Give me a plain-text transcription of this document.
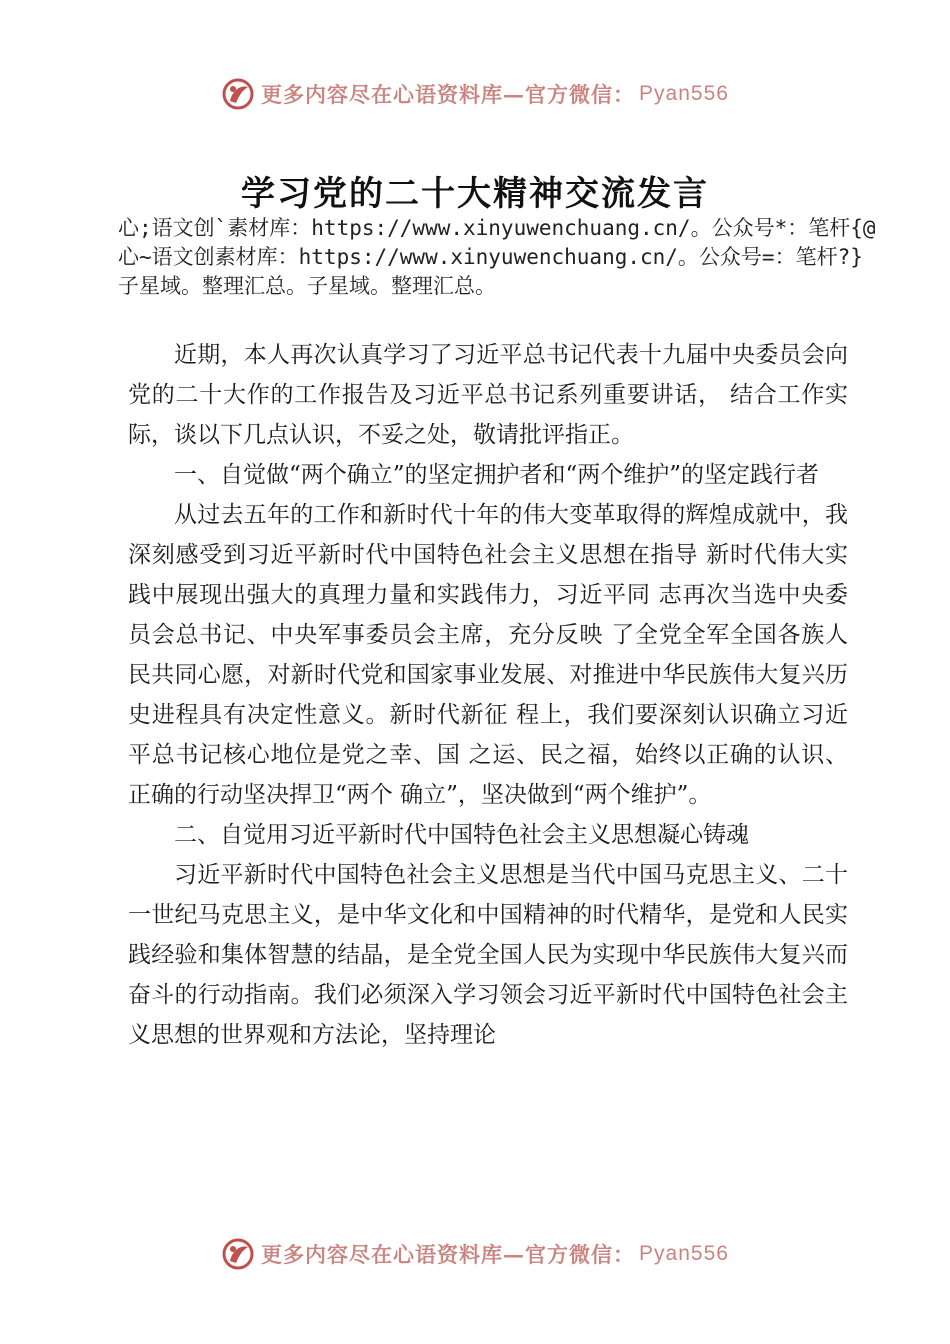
更多内容尽在心语资料库—官方微信： Pyan556
学习党的二十大精神交流发言
心;语文创`素材库：https://www.xinyuwenchuang.cn/。公众号*：笔杆{@心~语文创素材库：https://www.xinyuwenchuang.cn/。公众号=：笔杆?}子星域。整理汇总。子星域。整理汇总。

近期，本人再次认真学习了习近平总书记代表十九届中央委员会向党的二十大作的工作报告及习近平总书记系列重要讲话， 结合工作实际，谈以下几点认识，不妥之处，敬请批评指正。

一、自觉做“两个确立”的坚定拥护者和“两个维护”的坚定践行者

从过去五年的工作和新时代十年的伟大变革取得的辉煌成就中，我深刻感受到习近平新时代中国特色社会主义思想在指导 新时代伟大实践中展现出强大的真理力量和实践伟力，习近平同 志再次当选中央委员会总书记、中央军事委员会主席，充分反映 了全党全军全国各族人民共同心愿，对新时代党和国家事业发展、对推进中华民族伟大复兴历史进程具有决定性意义。新时代新征 程上，我们要深刻认识确立习近平总书记核心地位是党之幸、国 之运、民之福，始终以正确的认识、正确的行动坚决捍卫“两个 确立”，坚决做到“两个维护”。

二、自觉用习近平新时代中国特色社会主义思想凝心铸魂

习近平新时代中国特色社会主义思想是当代中国马克思主义、二十一世纪马克思主义，是中华文化和中国精神的时代精华，是党和人民实践经验和集体智慧的结晶，是全党全国人民为实现中华民族伟大复兴而奋斗的行动指南。我们必须深入学习领会习近平新时代中国特色社会主义思想的世界观和方法论，坚持理论

更多内容尽在心语资料库—官方微信： Pyan556
